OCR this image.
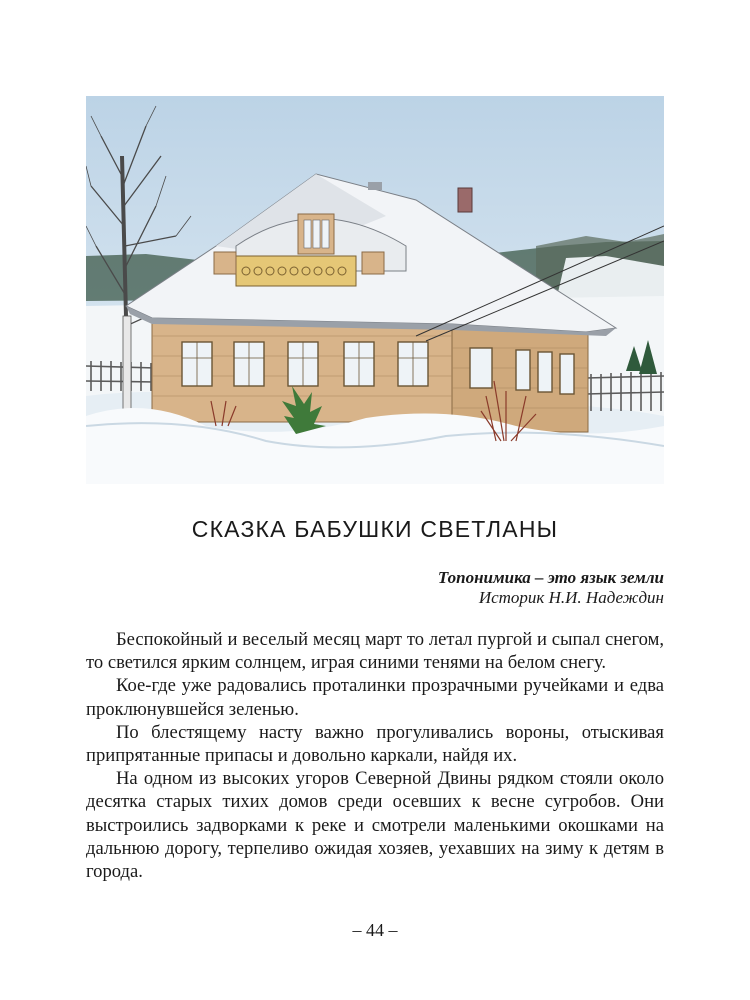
СКАЗКА БАБУШКИ СВЕТЛАНЫ
Топонимика – это язык земли
Историк Н.И. Надеждин

Беспокойный и веселый месяц март то летал пургой и сыпал снегом, то светился ярким солнцем, играя синими тенями на белом снегу.

Кое-где уже радовались проталинки прозрачными ручейками и едва проклюнувшейся зеленью.

По блестящему насту важно прогуливались вороны, отыскивая припрятанные припасы и довольно каркали, найдя их.

На одном из высоких угоров Северной Двины рядком стояли около десятка старых тихих домов среди осевших к весне сугробов. Они выстроились задворками к реке и смотрели маленькими окошками на дальнюю дорогу, терпеливо ожидая хозяев, уехавших на зиму к детям в города.

– 44 –
